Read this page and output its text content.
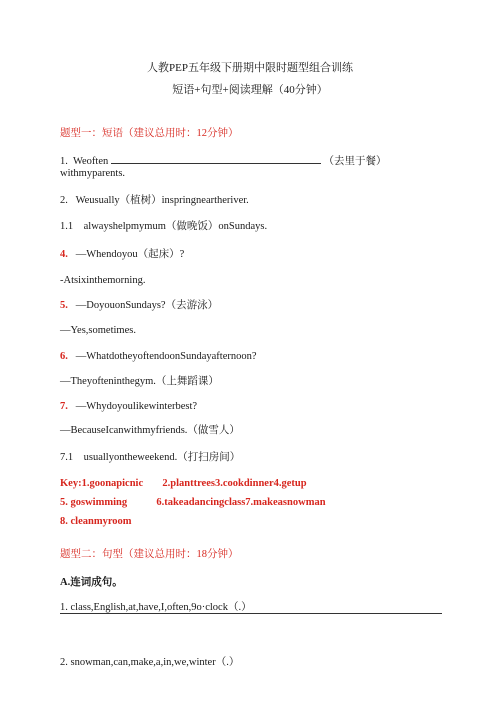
人教PEP五年级下册期中限时题型组合训练
短语+句型+阅读理解（40分钟）
题型一：短语（建议总用时：12分钟）
1. Weoften	（去里于餐）
withmyparents.
2. Weusually（植树）inspringneartheriver.
1.1 alwayshelpmymum（做晚饭）onSundays.
4. —Whendoyou（起床）?
-Atsixinthemorning.
5. —DoyouonSundays?（去游泳）
—Yes,sometimes.
6. —WhatdotheyoftendoonSundayafternoon?
—Theyofteninthegym.（上舞蹈课）
7. —Whydoyoulikewinterbest?
—BecauseIcanwithmyfriends.（做雪人）
7.1 usuallyontheweekend.（打扫房间）
Key:1.goonapicnic 2.planttrees3.cookdinner4.getup
5. goswimming	6.takeadancingclass7.makeasnowman
8. cleanmyroom
题型二：句型（建议总用时：18分钟）
A.连词成句。
1. class,English,at,have,I,often,9o·clock（.）
2. snowman,can,make,a,in,we,winter（.）
